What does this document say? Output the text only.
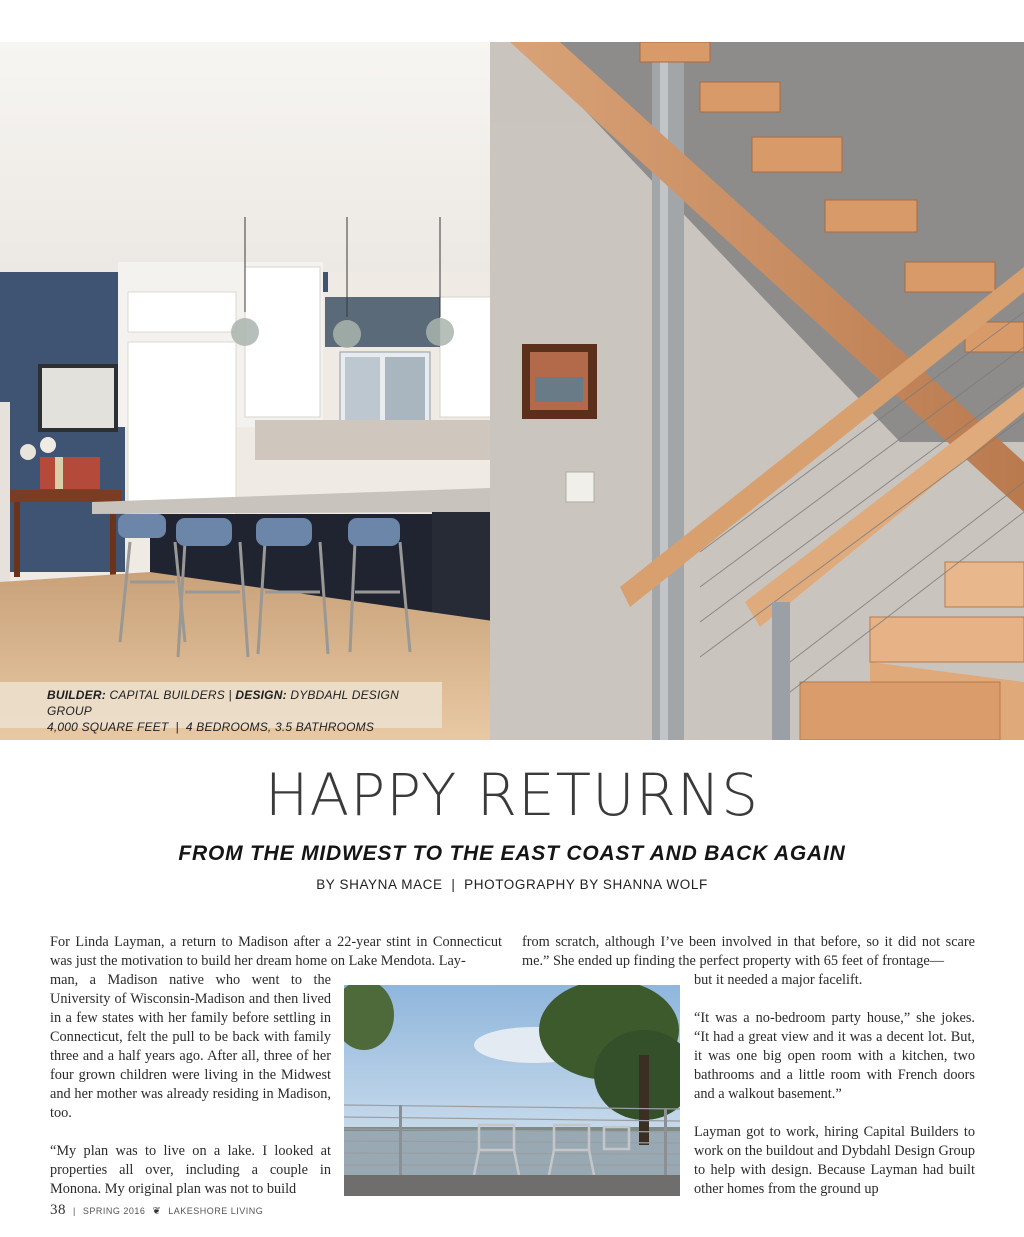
BUILDER: CAPITAL BUILDERS | DESIGN: DYBDAHL DESIGN GROUP
4,000 SQUARE FEET  |  4 BEDROOMS, 3.5 BATHROOMS
HAPPY RETURNS
FROM THE MIDWEST TO THE EAST COAST AND BACK AGAIN
BY SHAYNA MACE  |  PHOTOGRAPHY BY SHANNA WOLF
For Linda Layman, a return to Madison after a 22-year stint in Connecticut was just the motivation to build her dream home on Lake Mendota. Lay-
man, a Madison native who went to the University of Wisconsin-Madison and then lived in a few states with her family before settling in Connecticut, felt the pull to be back with family three and a half years ago. After all, three of her four grown children were living in the Midwest and her mother was already residing in Madison, too.
“My plan was to live on a lake. I looked at properties all over, including a couple in Monona. My original plan was not to build
from scratch, although I’ve been involved in that before, so it did not scare me.” She ended up finding the perfect property with 65 feet of frontage—
but it needed a major facelift.
“It was a no-bedroom party house,” she jokes. “It had a great view and it was a decent lot. But, it was one big open room with a kitchen, two bathrooms and a little room with French doors and a walkout basement.”
Layman got to work, hiring Capital Builders to work on the buildout and Dybdahl Design Group to help with design. Because Layman had built other homes from the ground up
38 | SPRING 2016 ❦ LAKESHORE LIVING
